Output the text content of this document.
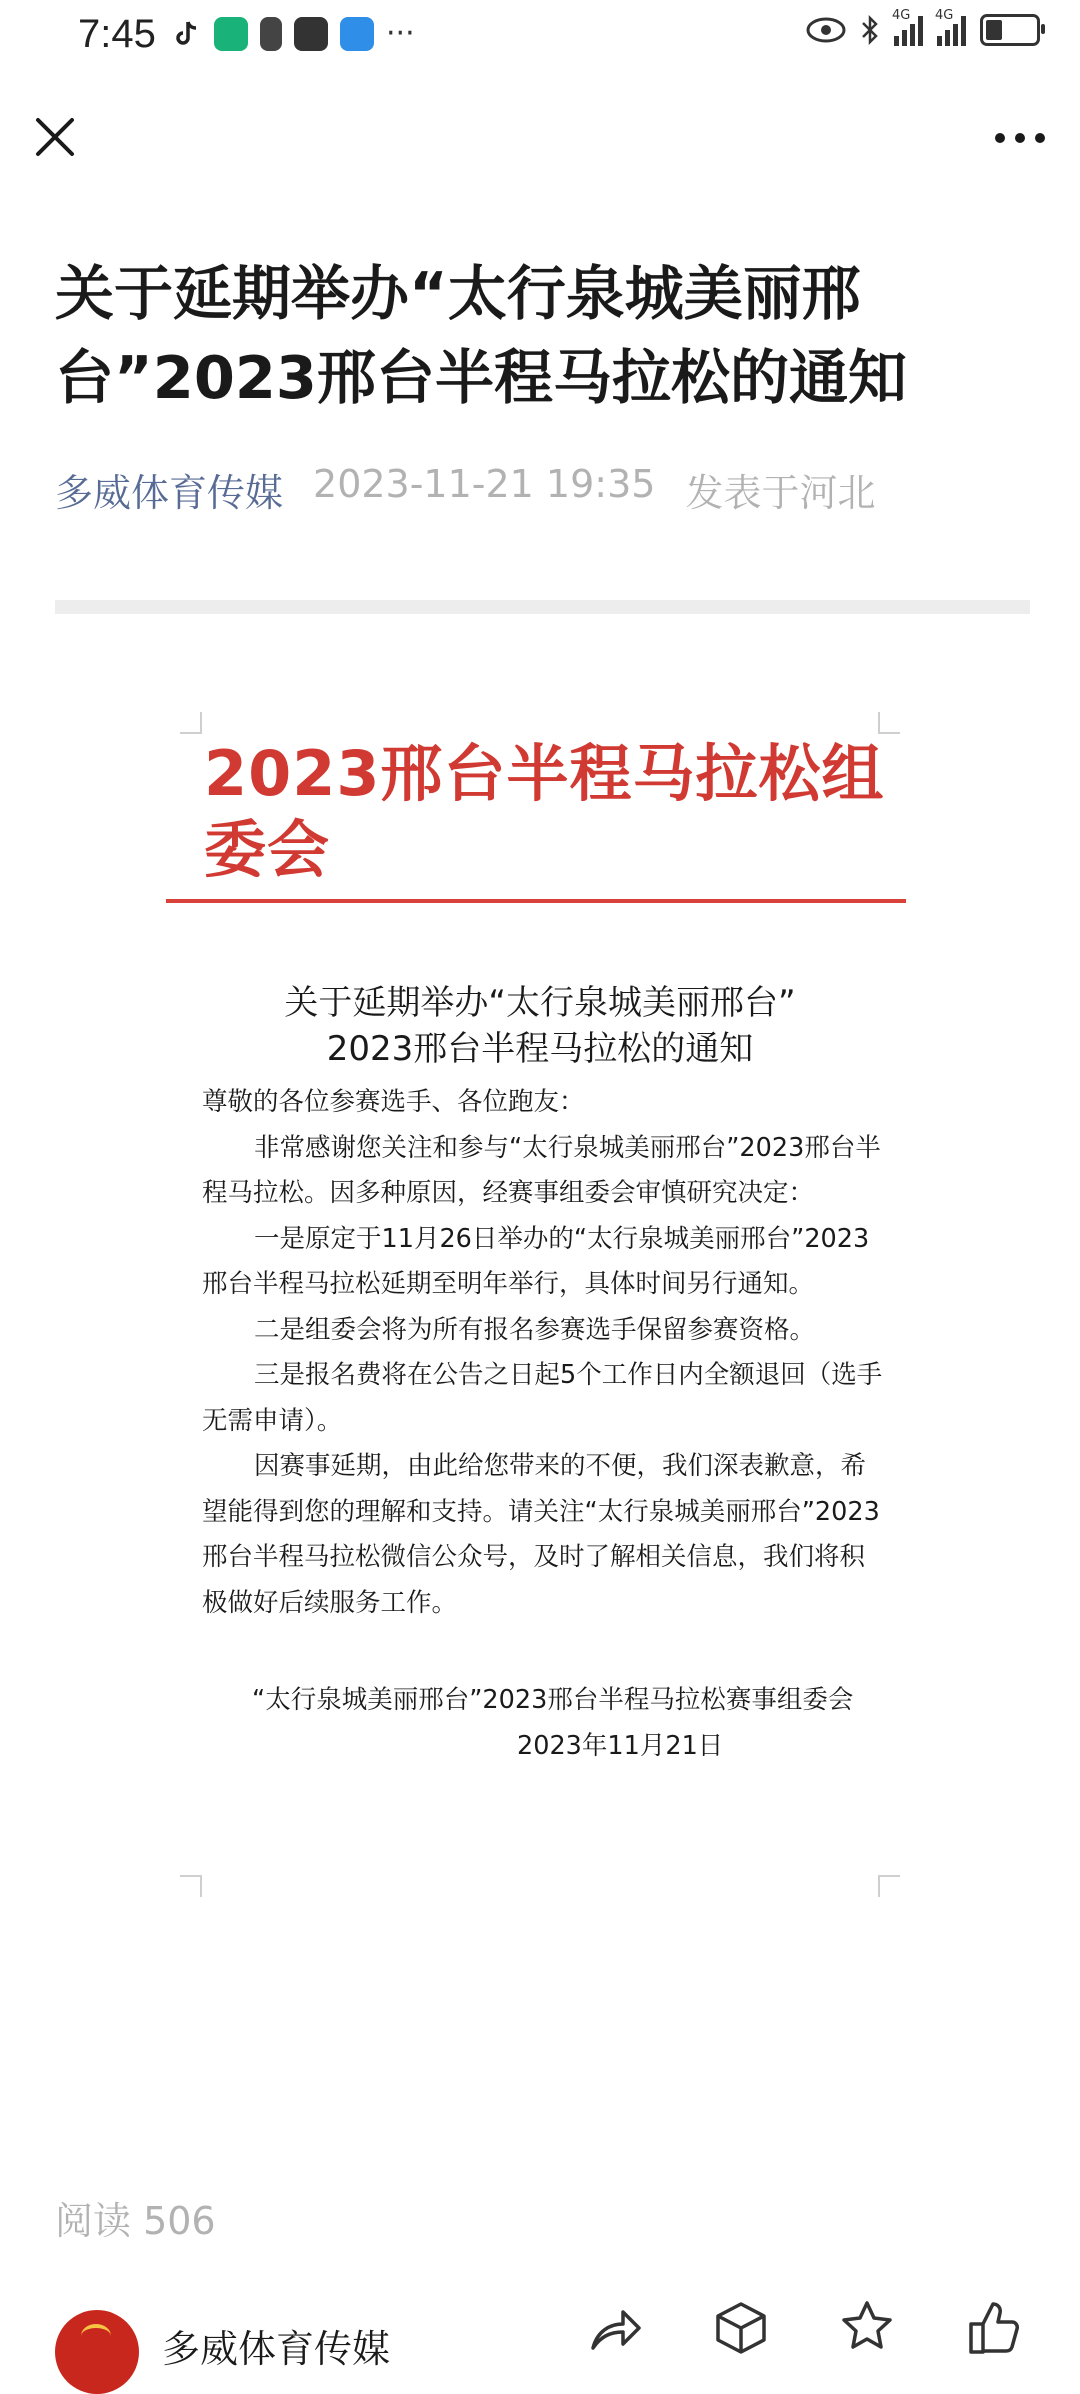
7:45	···
4G 4G
关于延期举办“太行泉城美丽邢台”2023邢台半程马拉松的通知
多威体育传媒 2023-11-21 19:35 发表于河北
2023邢台半程马拉松组委会
关于延期举办“太行泉城美丽邢台”
2023邢台半程马拉松的通知

尊敬的各位参赛选手、各位跑友：

非常感谢您关注和参与“太行泉城美丽邢台”2023邢台半程马拉松。因多种原因，经赛事组委会审慎研究决定：

一是原定于11月26日举办的“太行泉城美丽邢台”2023邢台半程马拉松延期至明年举行，具体时间另行通知。

二是组委会将为所有报名参赛选手保留参赛资格。

三是报名费将在公告之日起5个工作日内全额退回（选手无需申请）。

因赛事延期，由此给您带来的不便，我们深表歉意，希望能得到您的理解和支持。请关注“太行泉城美丽邢台”2023邢台半程马拉松微信公众号，及时了解相关信息，我们将积极做好后续服务工作。

“太行泉城美丽邢台”2023邢台半程马拉松赛事组委会
2023年11月21日
阅读 506
多威体育传媒
